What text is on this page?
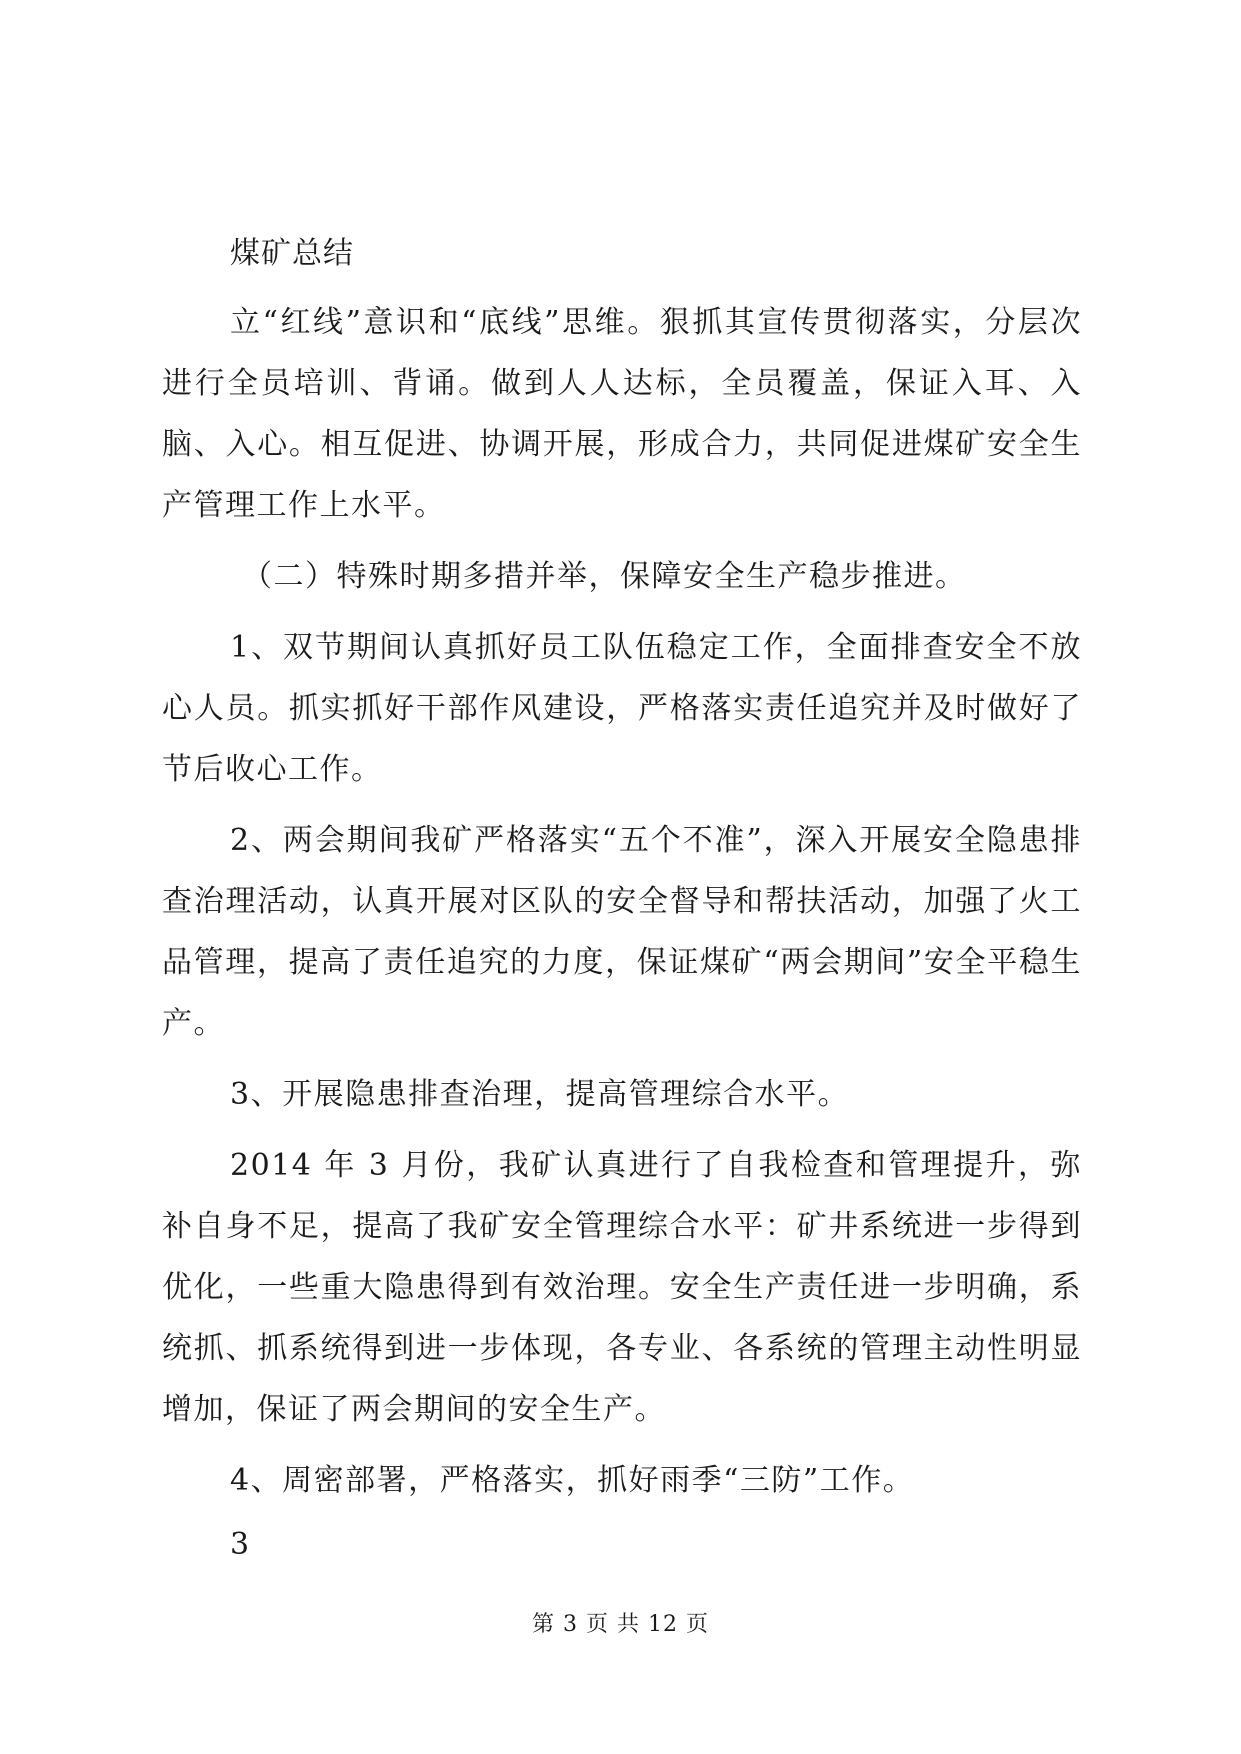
煤矿总结

立“红线”意识和“底线”思维。狠抓其宣传贯彻落实，分层次进行全员培训、背诵。做到人人达标，全员覆盖，保证入耳、入脑、入心。相互促进、协调开展，形成合力，共同促进煤矿安全生产管理工作上水平。

（二）特殊时期多措并举，保障安全生产稳步推进。

1、双节期间认真抓好员工队伍稳定工作，全面排查安全不放心人员。抓实抓好干部作风建设，严格落实责任追究并及时做好了节后收心工作。

2、两会期间我矿严格落实“五个不准”，深入开展安全隐患排查治理活动，认真开展对区队的安全督导和帮扶活动，加强了火工品管理，提高了责任追究的力度，保证煤矿“两会期间”安全平稳生产。

3、开展隐患排查治理，提高管理综合水平。

2014 年 3 月份，我矿认真进行了自我检查和管理提升，弥补自身不足，提高了我矿安全管理综合水平：矿井系统进一步得到优化，一些重大隐患得到有效治理。安全生产责任进一步明确，系统抓、抓系统得到进一步体现，各专业、各系统的管理主动性明显增加，保证了两会期间的安全生产。

4、周密部署，严格落实，抓好雨季“三防”工作。

3
第 3 页 共 12 页
